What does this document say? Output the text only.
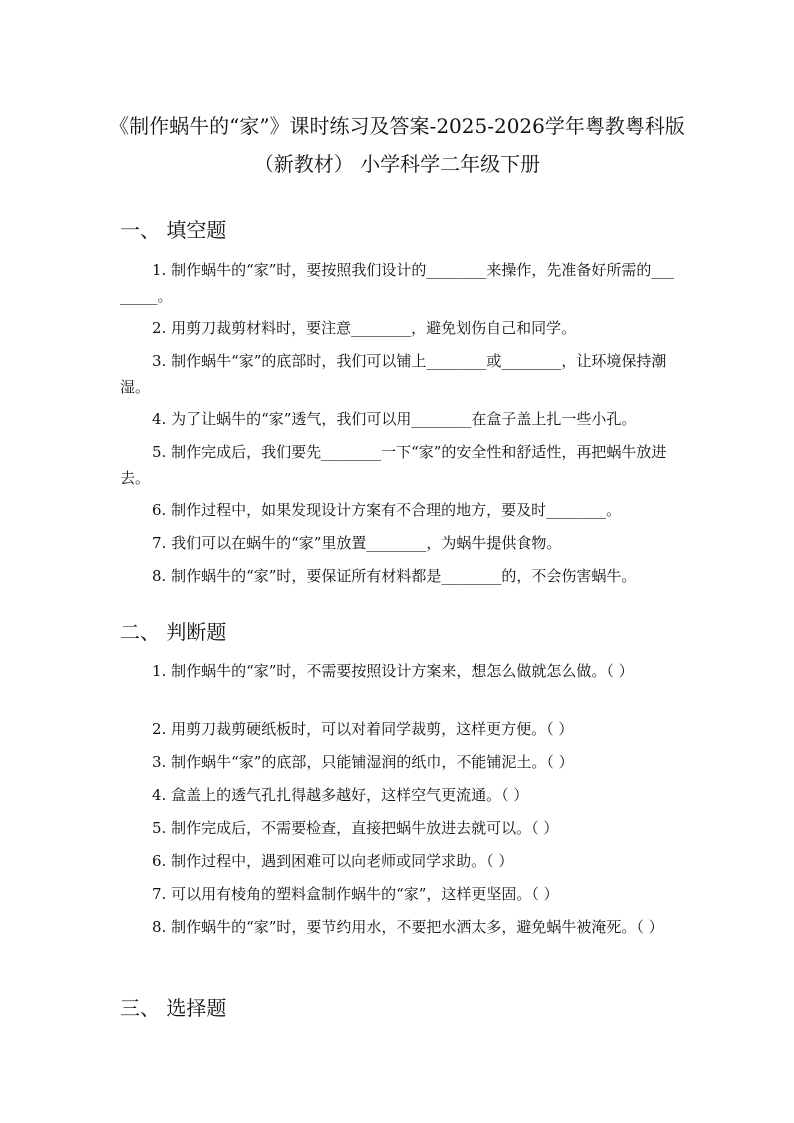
《制作蜗牛的“家”》课时练习及答案-2025-2026学年粤教粤科版
（新教材） 小学科学二年级下册
一、 填空题
1. 制作蜗牛的“家”时，要按照我们设计的________来操作，先准备好所需的________。
2. 用剪刀裁剪材料时，要注意________，避免划伤自己和同学。
3. 制作蜗牛“家”的底部时，我们可以铺上________或________，让环境保持潮湿。
4. 为了让蜗牛的“家”透气，我们可以用________在盒子盖上扎一些小孔。
5. 制作完成后，我们要先________一下“家”的安全性和舒适性，再把蜗牛放进去。
6. 制作过程中，如果发现设计方案有不合理的地方，要及时________。
7. 我们可以在蜗牛的“家”里放置________，为蜗牛提供食物。
8. 制作蜗牛的“家”时，要保证所有材料都是________的，不会伤害蜗牛。
二、 判断题
1. 制作蜗牛的“家”时，不需要按照设计方案来，想怎么做就怎么做。（ ）
2. 用剪刀裁剪硬纸板时，可以对着同学裁剪，这样更方便。（ ）
3. 制作蜗牛“家”的底部，只能铺湿润的纸巾，不能铺泥土。（ ）
4. 盒盖上的透气孔扎得越多越好，这样空气更流通。（ ）
5. 制作完成后，不需要检查，直接把蜗牛放进去就可以。（ ）
6. 制作过程中，遇到困难可以向老师或同学求助。（ ）
7. 可以用有棱角的塑料盒制作蜗牛的“家”，这样更坚固。（ ）
8. 制作蜗牛的“家”时，要节约用水，不要把水洒太多，避免蜗牛被淹死。（ ）
三、 选择题
